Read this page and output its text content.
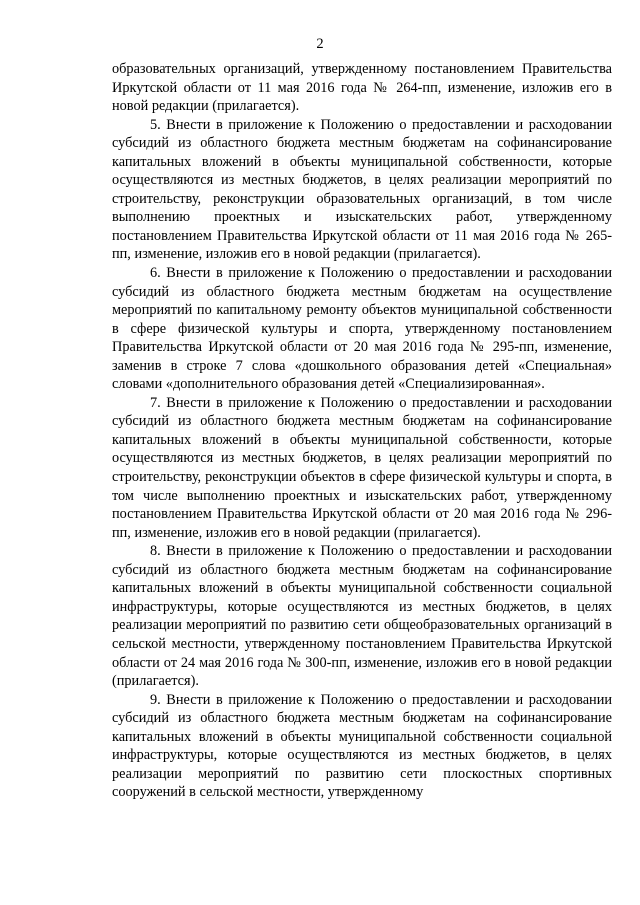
2

образовательных организаций, утвержденному постановлением Правительства Иркутской области от 11 мая 2016 года № 264-пп, изменение, изложив его в новой редакции (прилагается).

5. Внести в приложение к Положению о предоставлении и расходовании субсидий из областного бюджета местным бюджетам на софинансирование капитальных вложений в объекты муниципальной собственности, которые осуществляются из местных бюджетов, в целях реализации мероприятий по строительству, реконструкции образовательных организаций, в том числе выполнению проектных и изыскательских работ, утвержденному постановлением Правительства Иркутской области от 11 мая 2016 года № 265-пп, изменение, изложив его в новой редакции (прилагается).

6. Внести в приложение к Положению о предоставлении и расходовании субсидий из областного бюджета местным бюджетам на осуществление мероприятий по капитальному ремонту объектов муниципальной собственности в сфере физической культуры и спорта, утвержденному постановлением Правительства Иркутской области от 20 мая 2016 года № 295-пп, изменение, заменив в строке 7 слова «дошкольного образования детей «Специальная» словами «дополнительного образования детей «Специализированная».

7. Внести в приложение к Положению о предоставлении и расходовании субсидий из областного бюджета местным бюджетам на софинансирование капитальных вложений в объекты муниципальной собственности, которые осуществляются из местных бюджетов, в целях реализации мероприятий по строительству, реконструкции объектов в сфере физической культуры и спорта, в том числе выполнению проектных и изыскательских работ, утвержденному постановлением Правительства Иркутской области от 20 мая 2016 года № 296-пп, изменение, изложив его в новой редакции (прилагается).

8. Внести в приложение к Положению о предоставлении и расходовании субсидий из областного бюджета местным бюджетам на софинансирование капитальных вложений в объекты муниципальной собственности социальной инфраструктуры, которые осуществляются из местных бюджетов, в целях реализации мероприятий по развитию сети общеобразовательных организаций в сельской местности, утвержденному постановлением Правительства Иркутской области от 24 мая 2016 года № 300-пп, изменение, изложив его в новой редакции (прилагается).

9. Внести в приложение к Положению о предоставлении и расходовании субсидий из областного бюджета местным бюджетам на софинансирование капитальных вложений в объекты муниципальной собственности социальной инфраструктуры, которые осуществляются из местных бюджетов, в целях реализации мероприятий по развитию сети плоскостных спортивных сооружений в сельской местности, утвержденному
